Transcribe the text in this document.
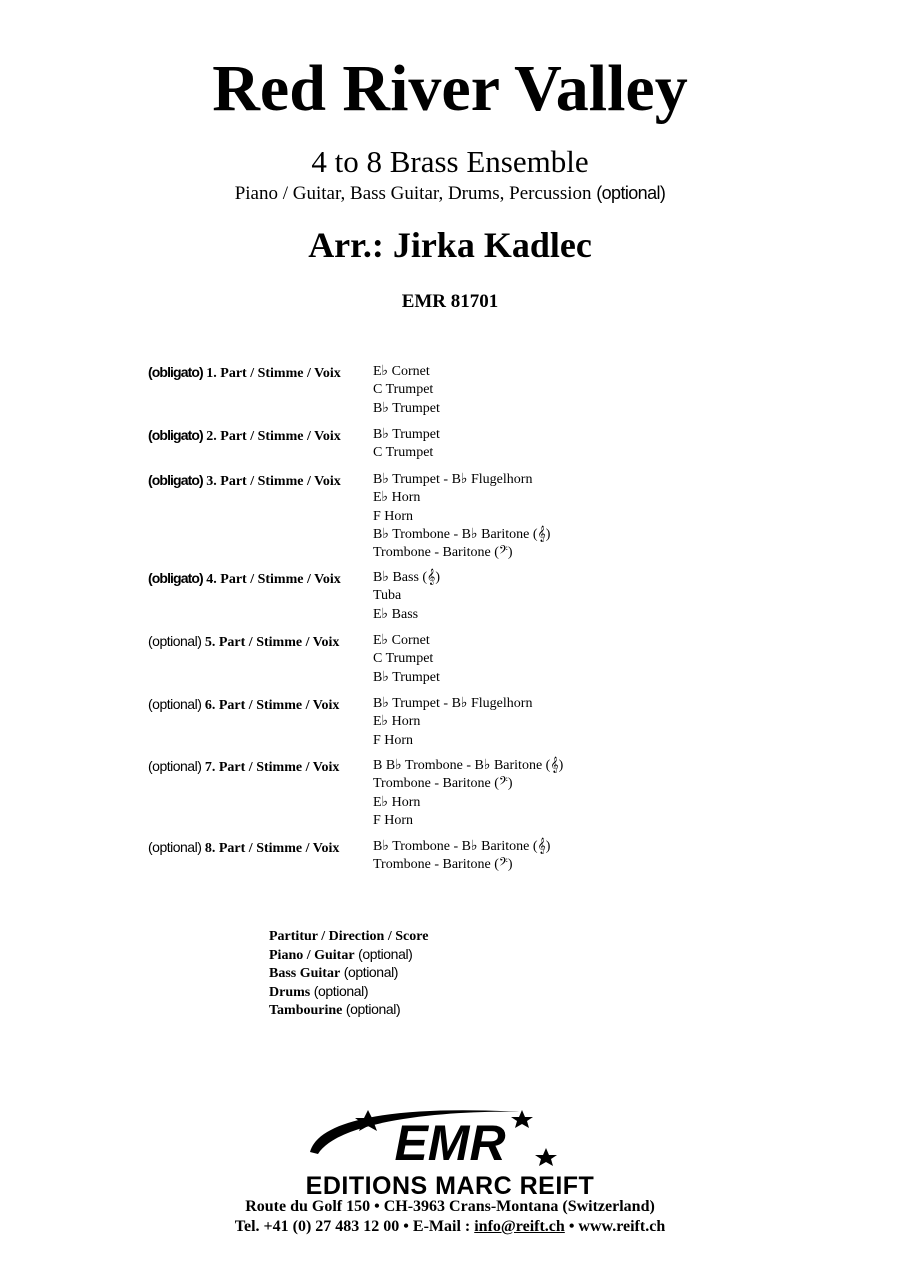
Red River Valley
4 to 8 Brass Ensemble
Piano / Guitar, Bass Guitar, Drums, Percussion (optional)
Arr.: Jirka Kadlec
EMR 81701
(obligato) 1. Part / Stimme / Voix	E♭ Cornet
C Trumpet
B♭ Trumpet
(obligato) 2. Part / Stimme / Voix	B♭ Trumpet
C Trumpet
(obligato) 3. Part / Stimme / Voix	B♭ Trumpet - B♭ Flugelhorn
E♭ Horn
F Horn
B♭ Trombone - B♭ Baritone (𝄞)
Trombone - Baritone (𝄢)
(obligato) 4. Part / Stimme / Voix	B♭ Bass (𝄞)
Tuba
E♭ Bass
(optional) 5. Part / Stimme / Voix	E♭ Cornet
C Trumpet
B♭ Trumpet
(optional) 6. Part / Stimme / Voix	B♭ Trumpet - B♭ Flugelhorn
E♭ Horn
F Horn
(optional) 7. Part / Stimme / Voix	B B♭ Trombone - B♭ Baritone (𝄞)
Trombone - Baritone (𝄢)
E♭ Horn
F Horn
(optional) 8. Part / Stimme / Voix	B♭ Trombone - B♭ Baritone (𝄞)
Trombone - Baritone (𝄢)
Partitur / Direction / Score
Piano / Guitar (optional)
Bass Guitar (optional)
Drums (optional)
Tambourine (optional)
EMR
EDITIONS MARC REIFT
Route du Golf 150 • CH-3963 Crans-Montana (Switzerland)
Tel. +41 (0) 27 483 12 00 • E-Mail : info@reift.ch • www.reift.ch
